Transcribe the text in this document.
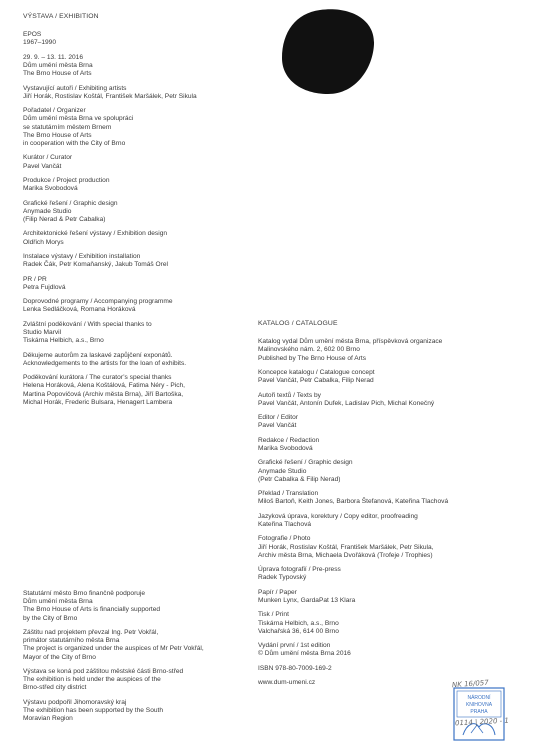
VÝSTAVA / EXHIBITION
EPOS
1967–1990
29. 9. – 13. 11. 2016
Dům umění města Brna
The Brno House of Arts
Vystavující autoři / Exhibiting artists
Jiří Horák, Rostislav Koštál, František Maršálek, Petr Sikula
Pořadatel / Organizer
Dům umění města Brna ve spolupráci
se statutárním městem Brnem
The Brno House of Arts
in cooperation with the City of Brno
Kurátor / Curator
Pavel Vančát
Produkce / Project production
Marika Svobodová
Grafické řešení / Graphic design
Anymade Studio
(Filip Nerad & Petr Cabalka)
Architektonické řešení výstavy / Exhibition design
Oldřich Morys
Instalace výstavy / Exhibition installation
Radek Čák, Petr Komaňanský, Jakub Tomáš Orel
PR / PR
Petra Fujdlová
Doprovodné programy / Accompanying programme
Lenka Sedláčková, Romana Horáková
Zvláštní poděkování / With special thanks to
Studio Marvil
Tiskárna Helbich, a.s., Brno
Děkujeme autorům za laskavé zapůjčení exponátů.
Acknowledgements to the artists for the loan of exhibits.
Poděkování kurátora / The curator’s special thanks
Helena Horáková, Alena Koštálová, Fatima Néry - Pich,
Martina Popovičová (Archiv města Brna), Jiří Bartoška,
Michal Horák, Frederic Bulsara, Henagert Lambera
Statutární město Brno finančně podporuje
Dům umění města Brna
The Brno House of Arts is financially supported
by the City of Brno
Záštitu nad projektem převzal Ing. Petr Vokřál,
primátor statutárního města Brna
The project is organized under the auspices of Mr Petr Vokřál,
Mayor of the City of Brno
Výstava se koná pod záštitou městské části Brno-střed
The exhibition is held under the auspices of the
Brno-střed city district
Výstavu podpořil Jihomoravský kraj
The exhibition has been supported by the South
Moravian Region
KATALOG / CATALOGUE
Katalog vydal Dům umění města Brna, příspěvková organizace
Malinovského nám. 2, 602 00 Brno
Published by The Brno House of Arts
Koncepce katalogu / Catalogue concept
Pavel Vančát, Petr Cabalka, Filip Nerad
Autoři textů / Texts by
Pavel Vančát, Antonín Dufek, Ladislav Pich, Michal Konečný
Editor / Editor
Pavel Vančát
Redakce / Redaction
Marika Svobodová
Grafické řešení / Graphic design
Anymade Studio
(Petr Cabalka & Filip Nerad)
Překlad / Translation
Miloš Bartoň, Keith Jones, Barbora Štefanová, Kateřina Tlachová
Jazyková úprava, korektury / Copy editor, proofreading
Kateřina Tlachová
Fotografie / Photo
Jiří Horák, Rostislav Koštál, František Maršálek, Petr Sikula,
Archiv města Brna, Michaela Dvořáková (Trofeje / Trophies)
Úprava fotografií / Pre-press
Radek Typovský
Papír / Paper
Munken Lynx, GardaPat 13 Klara
Tisk / Print
Tiskárna Helbich, a.s., Brno
Valchařská 36, 614 00 Brno
Vydání první / 1st edition
© Dům umění města Brna 2016
ISBN 978-80-7009-169-2
www.dum-umeni.cz
NÁRODNÍ
KNIHOVNA
PRAHA
NK 16/057
0114 | 2020 - 1
